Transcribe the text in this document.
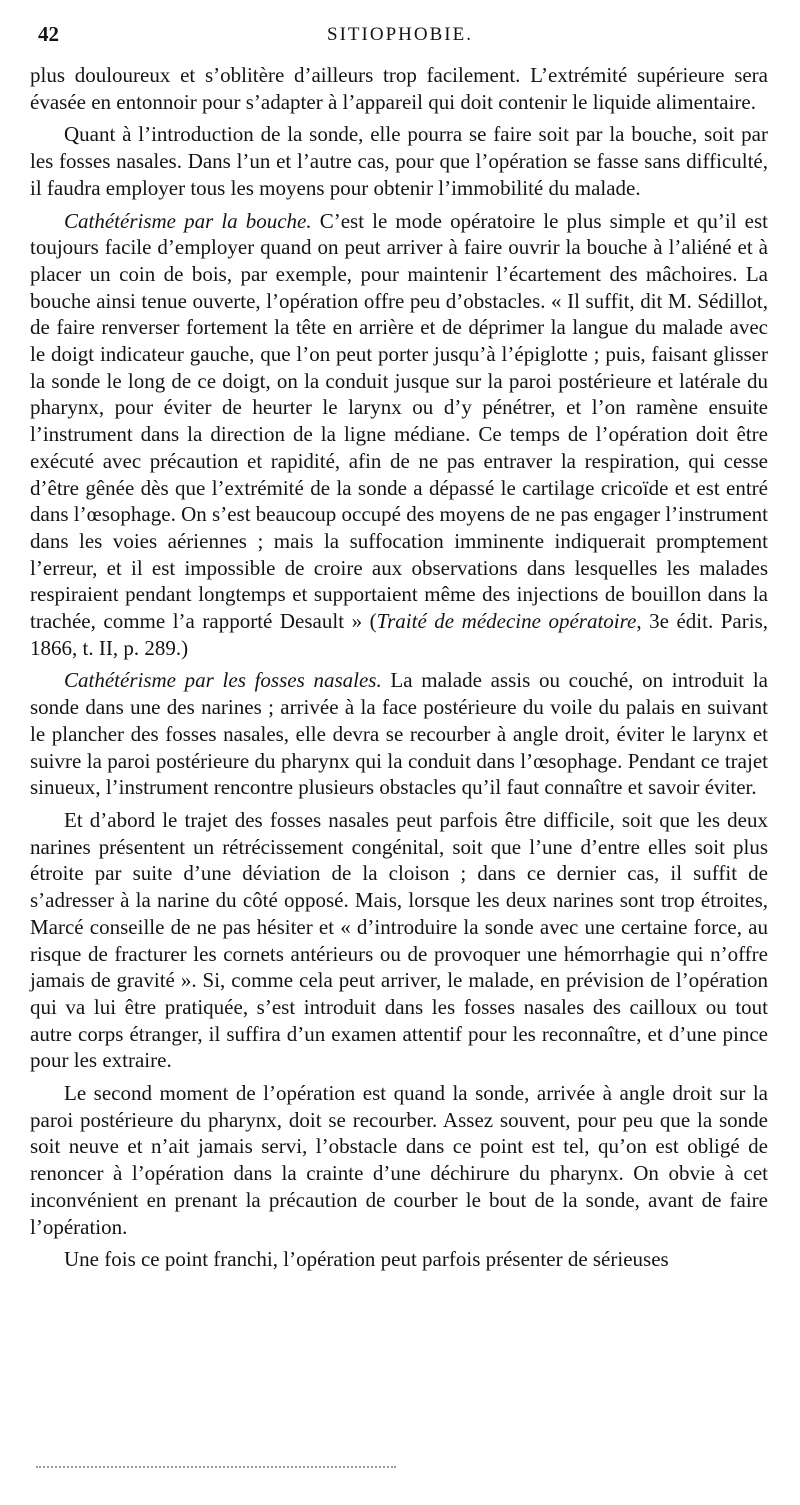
42	SITIOPHOBIE.

plus douloureux et s’oblitère d’ailleurs trop facilement. L’extrémité supérieure sera évasée en entonnoir pour s’adapter à l’appareil qui doit contenir le liquide alimentaire.

Quant à l’introduction de la sonde, elle pourra se faire soit par la bouche, soit par les fosses nasales. Dans l’un et l’autre cas, pour que l’opération se fasse sans difficulté, il faudra employer tous les moyens pour obtenir l’immobilité du malade.

Cathétérisme par la bouche. C’est le mode opératoire le plus simple et qu’il est toujours facile d’employer quand on peut arriver à faire ouvrir la bouche à l’aliéné et à placer un coin de bois, par exemple, pour maintenir l’écartement des mâchoires. La bouche ainsi tenue ouverte, l’opération offre peu d’obstacles. « Il suffit, dit M. Sédillot, de faire renverser fortement la tête en arrière et de déprimer la langue du malade avec le doigt indicateur gauche, que l’on peut porter jusqu’à l’épiglotte ; puis, faisant glisser la sonde le long de ce doigt, on la conduit jusque sur la paroi postérieure et latérale du pharynx, pour éviter de heurter le larynx ou d’y pénétrer, et l’on ramène ensuite l’instrument dans la direction de la ligne médiane. Ce temps de l’opération doit être exécuté avec précaution et rapidité, afin de ne pas entraver la respiration, qui cesse d’être gênée dès que l’extrémité de la sonde a dépassé le cartilage cricoïde et est entré dans l’œsophage. On s’est beaucoup occupé des moyens de ne pas engager l’instrument dans les voies aériennes ; mais la suffocation imminente indiquerait promptement l’erreur, et il est impossible de croire aux observations dans lesquelles les malades respiraient pendant longtemps et supportaient même des injections de bouillon dans la trachée, comme l’a rapporté Desault » (Traité de médecine opératoire, 3e édit. Paris, 1866, t. II, p. 289.)

Cathétérisme par les fosses nasales. La malade assis ou couché, on introduit la sonde dans une des narines ; arrivée à la face postérieure du voile du palais en suivant le plancher des fosses nasales, elle devra se recourber à angle droit, éviter le larynx et suivre la paroi postérieure du pharynx qui la conduit dans l’œsophage. Pendant ce trajet sinueux, l’instrument rencontre plusieurs obstacles qu’il faut connaître et savoir éviter.

Et d’abord le trajet des fosses nasales peut parfois être difficile, soit que les deux narines présentent un rétrécissement congénital, soit que l’une d’entre elles soit plus étroite par suite d’une déviation de la cloison ; dans ce dernier cas, il suffit de s’adresser à la narine du côté opposé. Mais, lorsque les deux narines sont trop étroites, Marcé conseille de ne pas hésiter et « d’introduire la sonde avec une certaine force, au risque de fracturer les cornets antérieurs ou de provoquer une hémorrhagie qui n’offre jamais de gravité ». Si, comme cela peut arriver, le malade, en prévision de l’opération qui va lui être pratiquée, s’est introduit dans les fosses nasales des cailloux ou tout autre corps étranger, il suffira d’un examen attentif pour les reconnaître, et d’une pince pour les extraire.

Le second moment de l’opération est quand la sonde, arrivée à angle droit sur la paroi postérieure du pharynx, doit se recourber. Assez souvent, pour peu que la sonde soit neuve et n’ait jamais servi, l’obstacle dans ce point est tel, qu’on est obligé de renoncer à l’opération dans la crainte d’une déchirure du pharynx. On obvie à cet inconvénient en prenant la précaution de courber le bout de la sonde, avant de faire l’opération.

Une fois ce point franchi, l’opération peut parfois présenter de sérieuses
